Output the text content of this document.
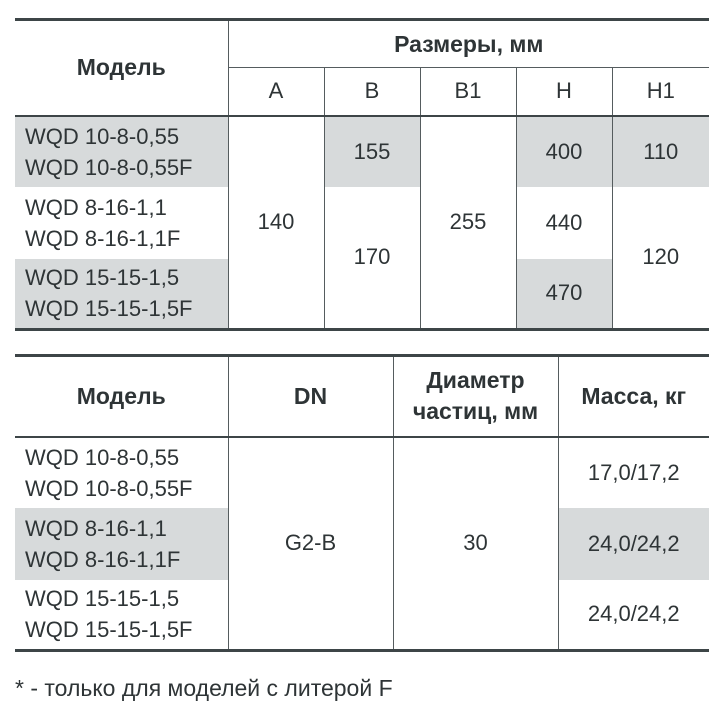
Модель	Размеры, мм				
	A	B	B1	H	H1

WQD 10-8-0,55
WQD 10-8-0,55F	140	155	255	400	110

WQD 8-16-1,1
WQD 8-16-1,1F		170		440	120

WQD 15-15-1,5
WQD 15-15-1,5F				470	
Модель	DN	Диаметр
частиц, мм	Масса, кг

WQD 10-8-0,55
WQD 10-8-0,55F	G2-B	30	17,0/17,2

WQD 8-16-1,1
WQD 8-16-1,1F			24,0/24,2

WQD 15-15-1,5
WQD 15-15-1,5F			24,0/24,2
* - только для моделей с литерой F
